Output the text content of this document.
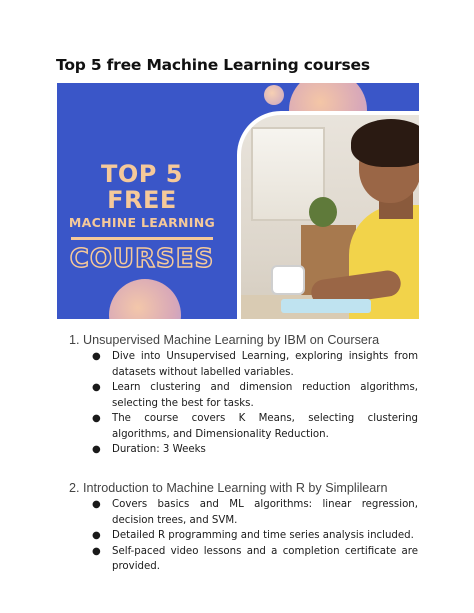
Top 5 free Machine Learning courses
TOP 5 FREE
MACHINE LEARNING
COURSES
1. Unsupervised Machine Learning by IBM on Coursera
● Dive into Unsupervised Learning, exploring insights from datasets without labelled variables.
● Learn clustering and dimension reduction algorithms, selecting the best for tasks.
● The course covers K Means, selecting clustering algorithms, and Dimensionality Reduction.
● Duration: 3 Weeks
2. Introduction to Machine Learning with R by Simplilearn
● Covers basics and ML algorithms: linear regression, decision trees, and SVM.
● Detailed R programming and time series analysis included.
● Self-paced video lessons and a completion certificate are provided.
